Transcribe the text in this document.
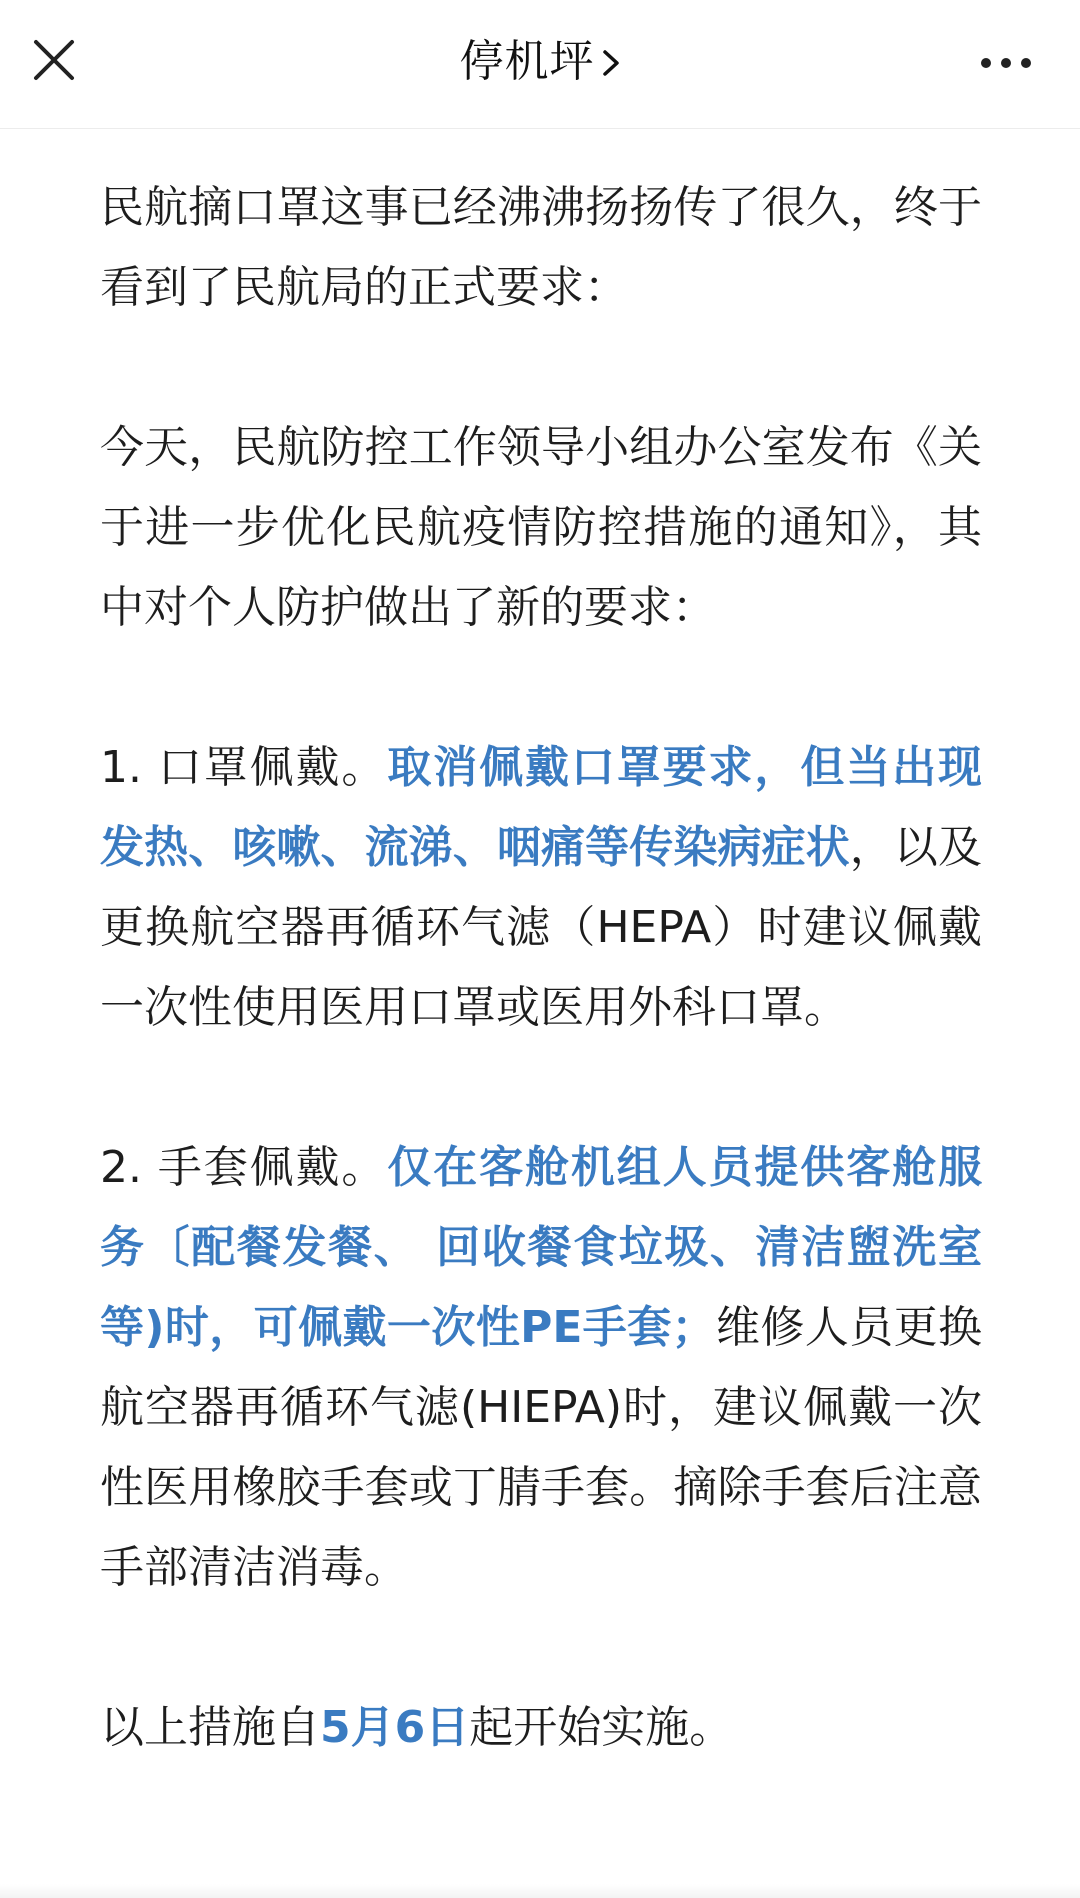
停机坪

民航摘口罩这事已经沸沸扬扬传了很久，终于看到了民航局的正式要求：

今天，民航防控工作领导小组办公室发布《关于进一步优化民航疫情防控措施的通知》，其中对个人防护做出了新的要求：

1. 口罩佩戴。取消佩戴口罩要求，但当出现发热、咳嗽、流涕、咽痛等传染病症状，以及更换航空器再循环气滤（HEPA）时建议佩戴一次性使用医用口罩或医用外科口罩。

2. 手套佩戴。仅在客舱机组人员提供客舱服务〔配餐发餐、 回收餐食垃圾、清洁盥洗室等)时，可佩戴一次性PE手套；维修人员更换航空器再循环气滤(HIEPA)时，建议佩戴一次性医用橡胶手套或丁腈手套。摘除手套后注意手部清洁消毒。

以上措施自5月6日起开始实施。
